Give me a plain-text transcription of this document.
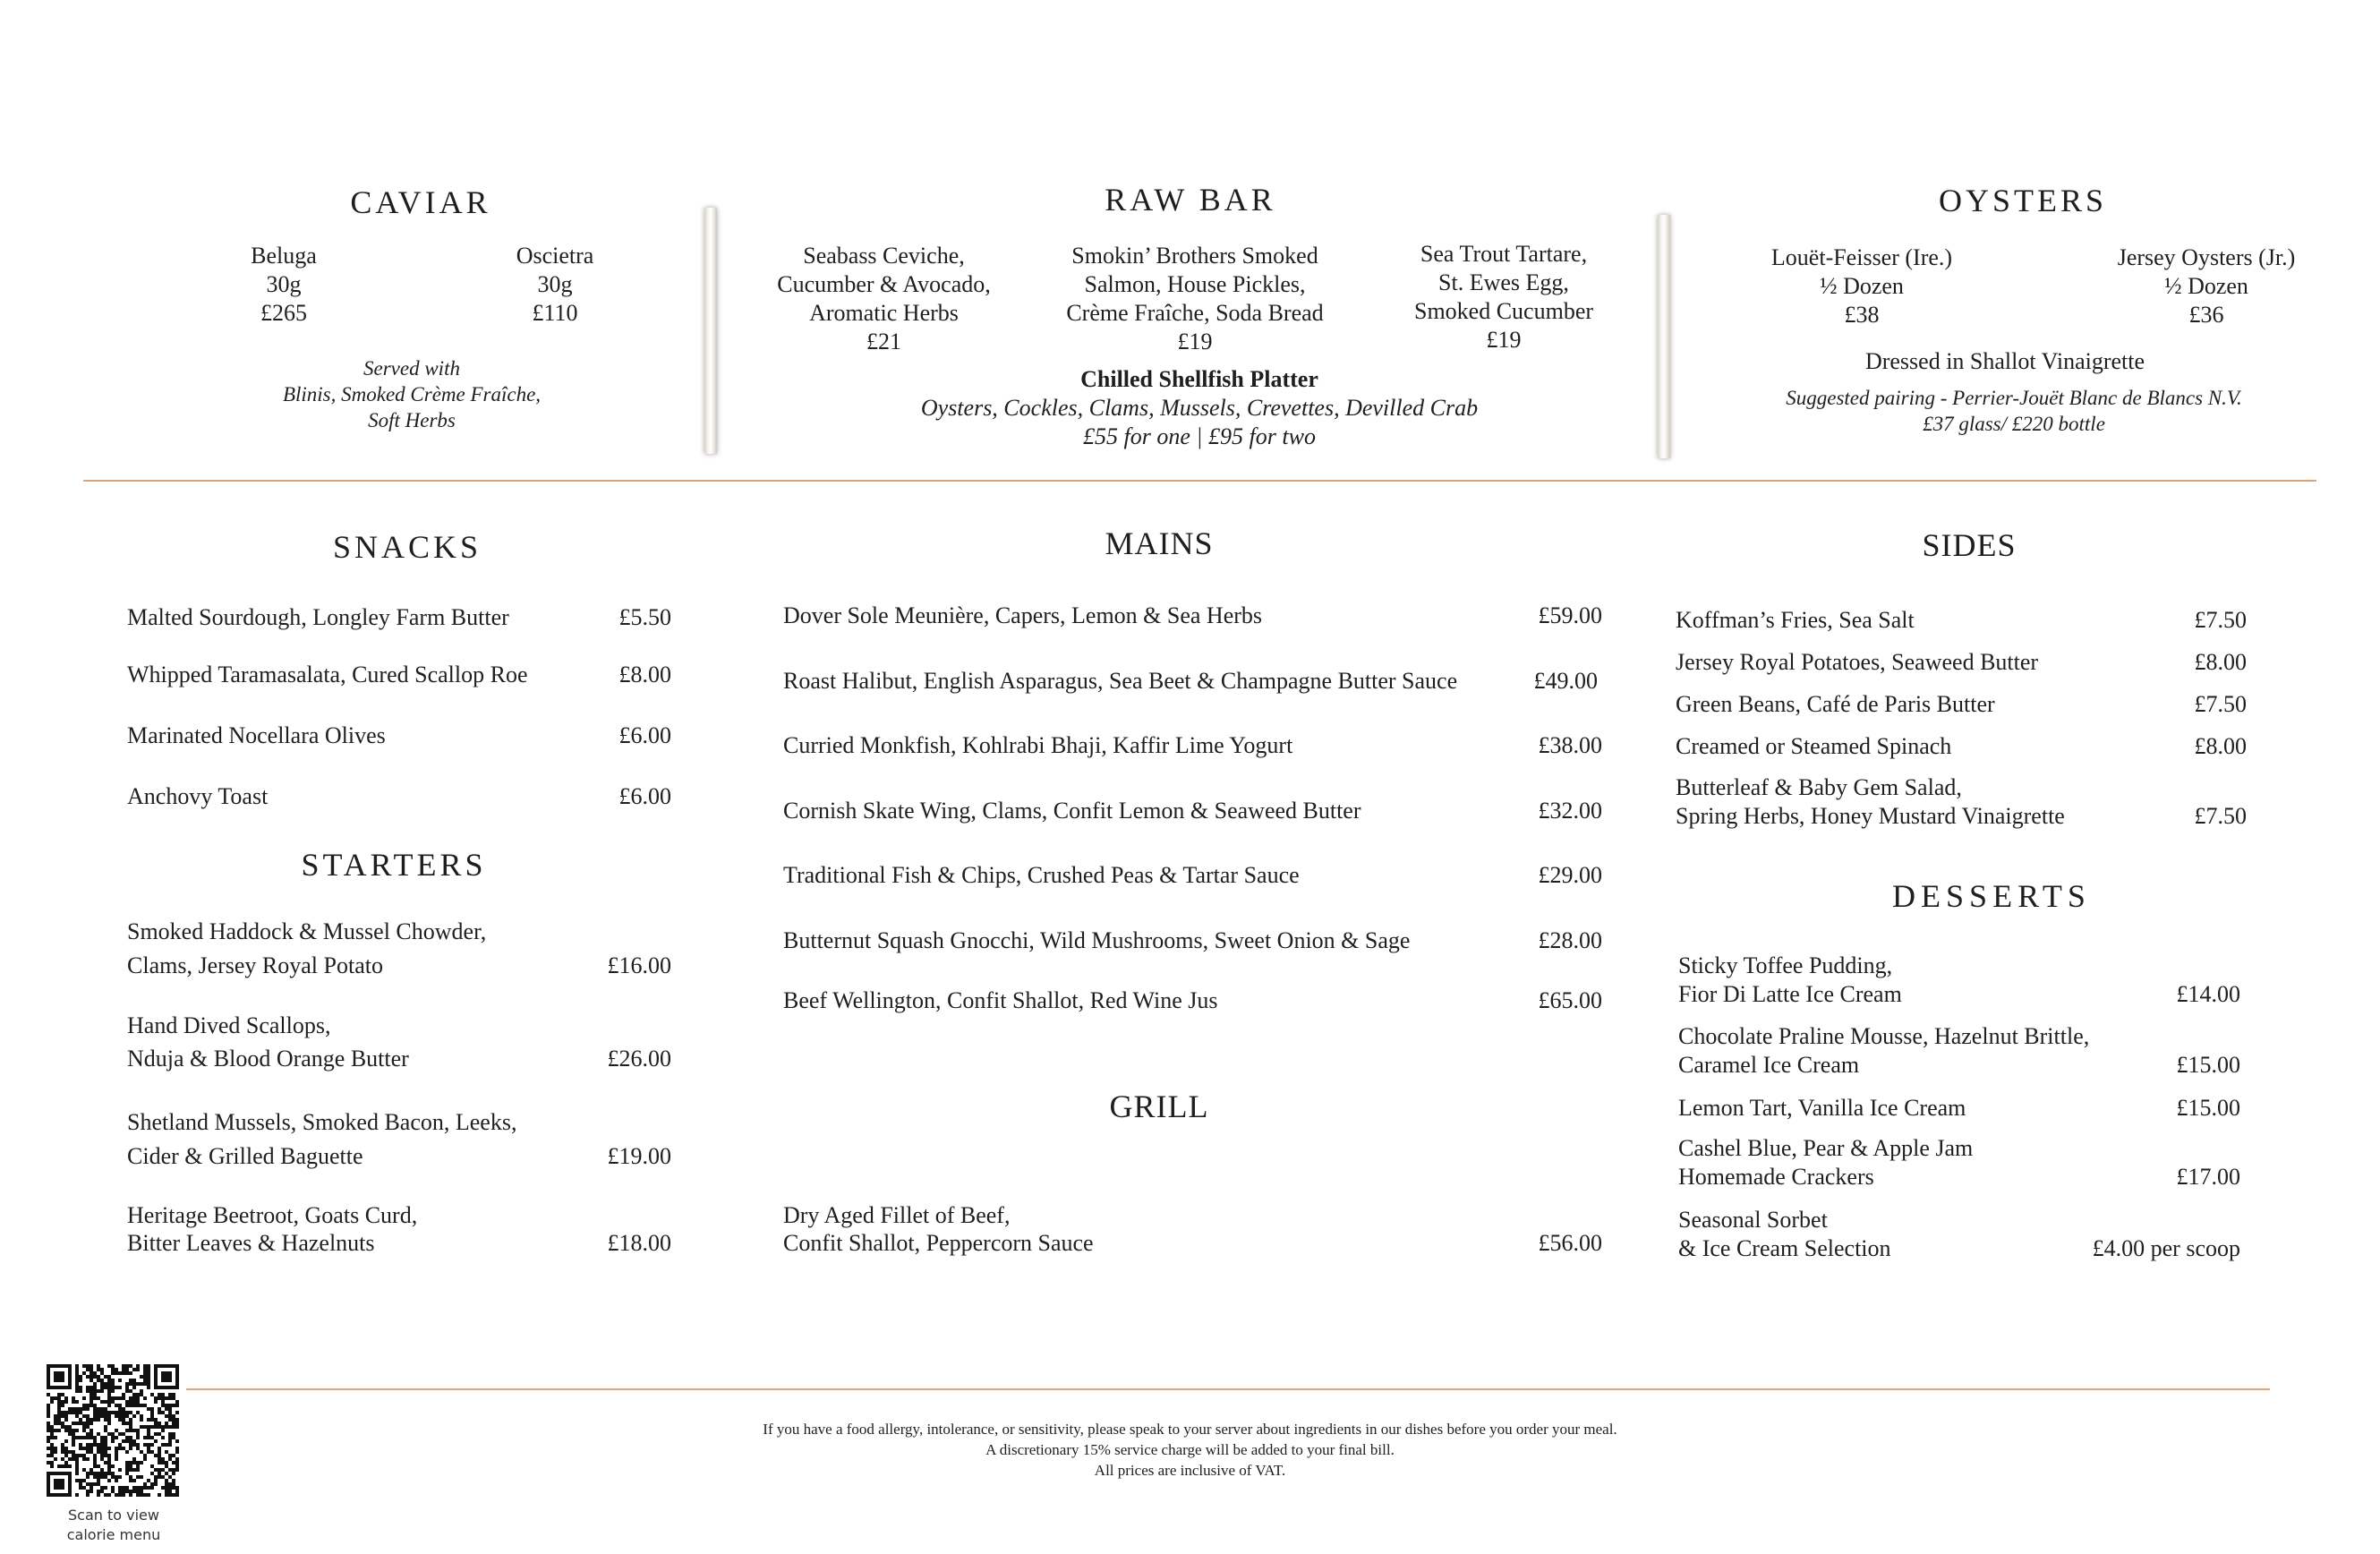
CAVIAR
Beluga
30g
£265
Oscietra
30g
£110
Served with
Blinis, Smoked Crème Fraîche,
Soft Herbs
RAW BAR
Seabass Ceviche,
Cucumber & Avocado,
Aromatic Herbs
£21
Smokin’ Brothers Smoked
Salmon, House Pickles,
Crème Fraîche, Soda Bread
£19
Sea Trout Tartare,
St. Ewes Egg,
Smoked Cucumber
£19
Chilled Shellfish Platter
Oysters, Cockles, Clams, Mussels, Crevettes, Devilled Crab
£55 for one | £95 for two
OYSTERS
Louët-Feisser (Ire.)
½ Dozen
£38
Jersey Oysters (Jr.)
½ Dozen
£36
Dressed in Shallot Vinaigrette
Suggested pairing - Perrier-Jouët Blanc de Blancs N.V.
£37 glass/ £220 bottle
SNACKS
Malted Sourdough, Longley Farm Butter	£5.50
Whipped Taramasalata, Cured Scallop Roe	£8.00
Marinated Nocellara Olives	£6.00
Anchovy Toast	£6.00
STARTERS
Smoked Haddock & Mussel Chowder,
Clams, Jersey Royal Potato	£16.00
Hand Dived Scallops,
Nduja & Blood Orange Butter	£26.00
Shetland Mussels, Smoked Bacon, Leeks,
Cider & Grilled Baguette	£19.00
Heritage Beetroot, Goats Curd,
Bitter Leaves & Hazelnuts	£18.00
MAINS
Dover Sole Meunière, Capers, Lemon & Sea Herbs	£59.00
Roast Halibut, English Asparagus, Sea Beet & Champagne Butter Sauce	£49.00
Curried Monkfish, Kohlrabi Bhaji, Kaffir Lime Yogurt	£38.00
Cornish Skate Wing, Clams, Confit Lemon & Seaweed Butter	£32.00
Traditional Fish & Chips, Crushed Peas & Tartar Sauce	£29.00
Butternut Squash Gnocchi, Wild Mushrooms, Sweet Onion & Sage	£28.00
Beef Wellington, Confit Shallot, Red Wine Jus	£65.00
GRILL
Dry Aged Fillet of Beef,
Confit Shallot, Peppercorn Sauce	£56.00
SIDES
Koffman’s Fries, Sea Salt	£7.50
Jersey Royal Potatoes, Seaweed Butter	£8.00
Green Beans, Café de Paris Butter	£7.50
Creamed or Steamed Spinach	£8.00
Butterleaf & Baby Gem Salad,
Spring Herbs, Honey Mustard Vinaigrette	£7.50
DESSERTS
Sticky Toffee Pudding,
Fior Di Latte Ice Cream	£14.00
Chocolate Praline Mousse, Hazelnut Brittle,
Caramel Ice Cream	£15.00
Lemon Tart, Vanilla Ice Cream	£15.00
Cashel Blue, Pear & Apple Jam
Homemade Crackers	£17.00
Seasonal Sorbet
& Ice Cream Selection	£4.00 per scoop
Scan to view
calorie menu
If you have a food allergy, intolerance, or sensitivity, please speak to your server about ingredients in our dishes before you order your meal.
A discretionary 15% service charge will be added to your final bill.
All prices are inclusive of VAT.
